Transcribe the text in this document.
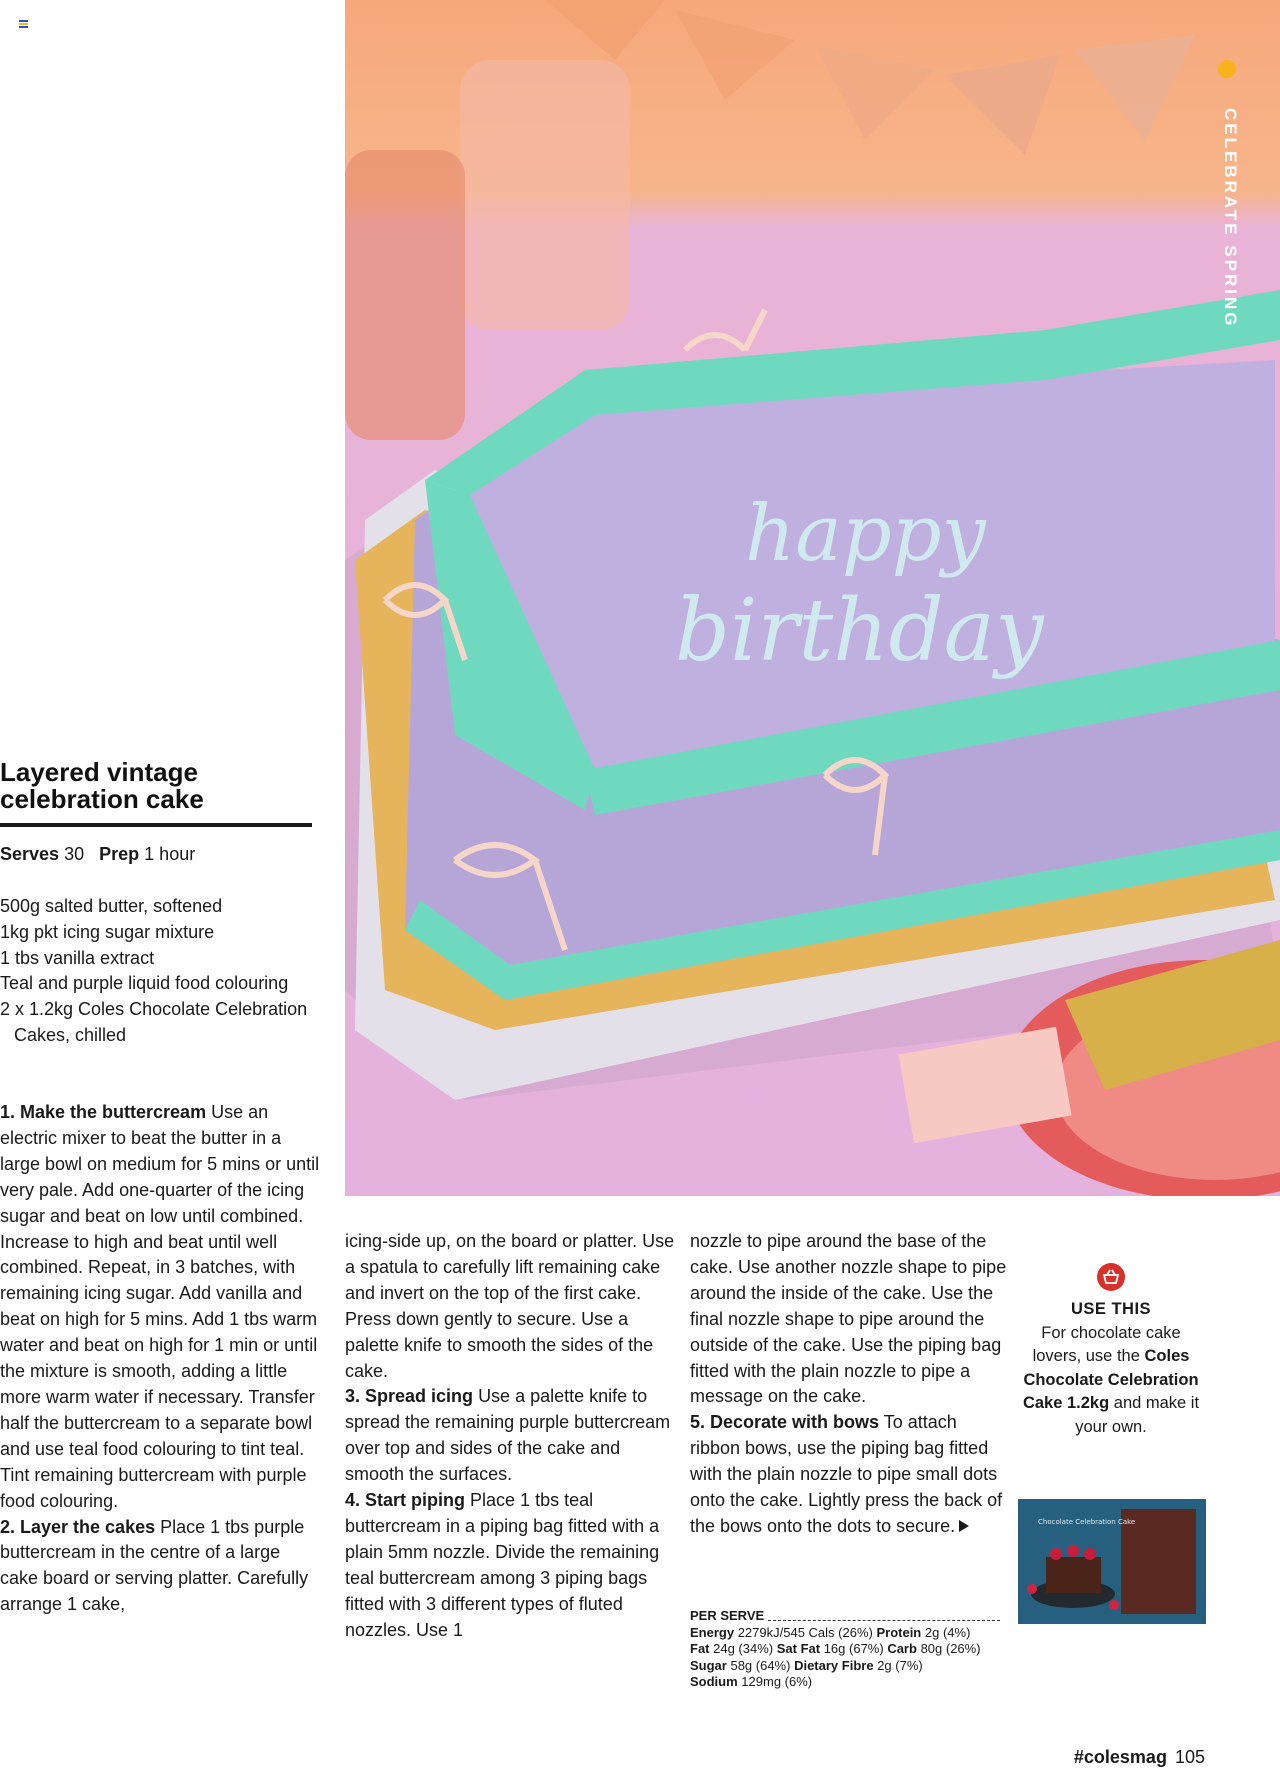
happy
birthday
CELEBRATE SPRING
Layered vintage
celebration cake
Serves 30 Prep 1 hour
500g salted butter, softened
1kg pkt icing sugar mixture
1 tbs vanilla extract
Teal and purple liquid food colouring
2 x 1.2kg Coles Chocolate Celebration Cakes, chilled

1. Make the buttercream Use an electric mixer to beat the butter in a large bowl on medium for 5 mins or until very pale. Add one-quarter of the icing sugar and beat on low until combined. Increase to high and beat until well combined. Repeat, in 3 batches, with remaining icing sugar. Add vanilla and beat on high for 5 mins. Add 1 tbs warm water and beat on high for 1 min or until the mixture is smooth, adding a little more warm water if necessary. Transfer half the buttercream to a separate bowl and use teal food colouring to tint teal. Tint remaining buttercream with purple food colouring.

2. Layer the cakes Place 1 tbs purple buttercream in the centre of a large cake board or serving platter. Carefully arrange 1 cake,

icing-side up, on the board or platter. Use a spatula to carefully lift remaining cake and invert on the top of the first cake. Press down gently to secure. Use a palette knife to smooth the sides of the cake.

3. Spread icing Use a palette knife to spread the remaining purple buttercream over top and sides of the cake and smooth the surfaces.

4. Start piping Place 1 tbs teal buttercream in a piping bag fitted with a plain 5mm nozzle. Divide the remaining teal buttercream among 3 piping bags fitted with 3 different types of fluted nozzles. Use 1

nozzle to pipe around the base of the cake. Use another nozzle shape to pipe around the inside of the cake. Use the final nozzle shape to pipe around the outside of the cake. Use the piping bag fitted with the plain nozzle to pipe a message on the cake.

5. Decorate with bows To attach ribbon bows, use the piping bag fitted with the plain nozzle to pipe small dots onto the cake. Lightly press the back of the bows onto the dots to secure.

PER SERVE
Energy 2279kJ/545 Cals (26%) Protein 2g (4%)
Fat 24g (34%) Sat Fat 16g (67%) Carb 80g (26%)
Sugar 58g (64%) Dietary Fibre 2g (7%)
Sodium 129mg (6%)
USE THIS
For chocolate cake lovers, use the Coles Chocolate Celebration Cake 1.2kg and make it your own.
Chocolate Celebration Cake
#colesmag 105
